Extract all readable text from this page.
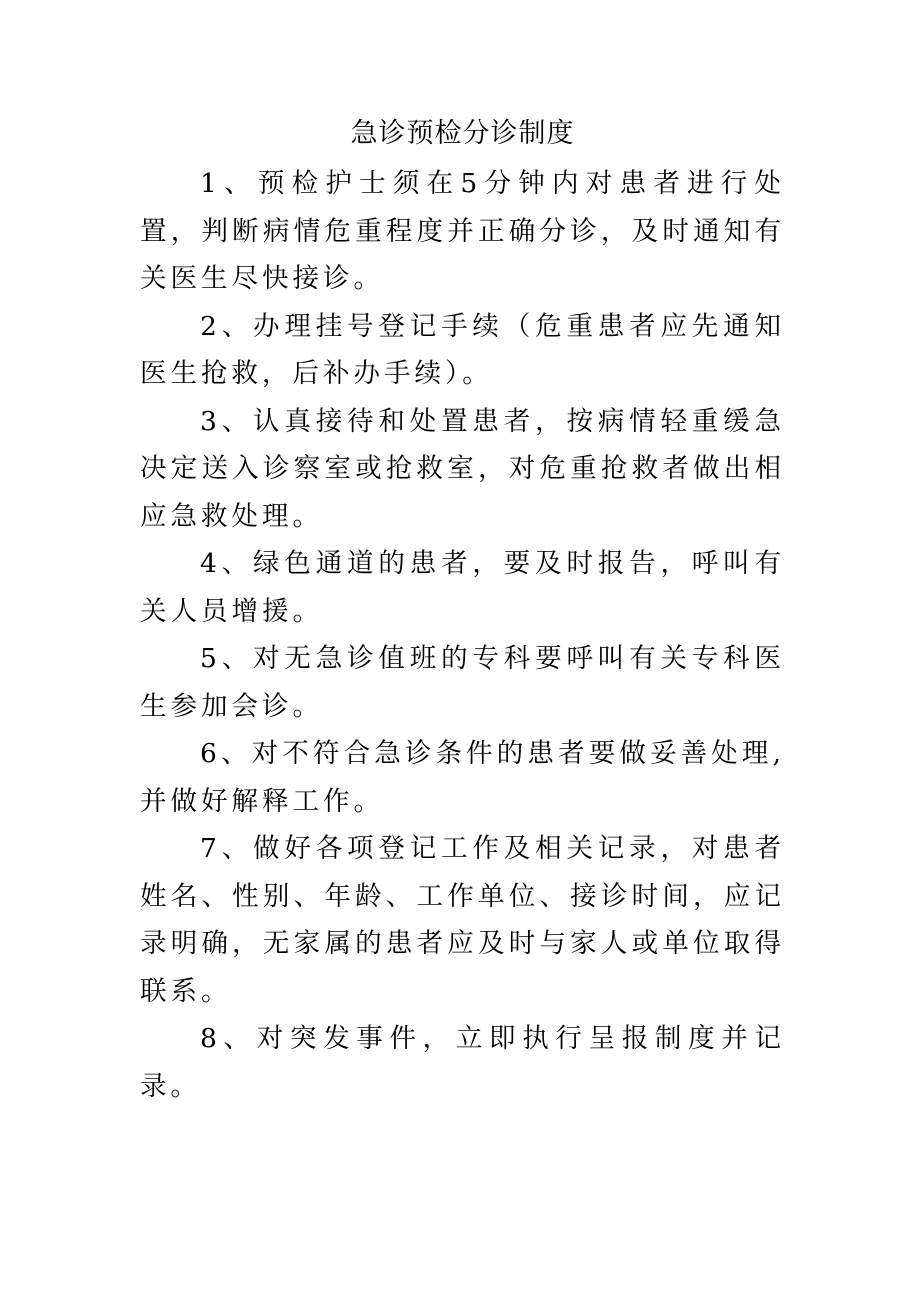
急诊预检分诊制度

1、预检护士须在5分钟内对患者进行处置，判断病情危重程度并正确分诊，及时通知有关医生尽快接诊。

2、办理挂号登记手续（危重患者应先通知医生抢救，后补办手续）。

3、认真接待和处置患者，按病情轻重缓急决定送入诊察室或抢救室，对危重抢救者做出相应急救处理。

4、绿色通道的患者，要及时报告，呼叫有关人员增援。

5、对无急诊值班的专科要呼叫有关专科医生参加会诊。

6、对不符合急诊条件的患者要做妥善处理,并做好解释工作。

7、做好各项登记工作及相关记录，对患者姓名、性别、年龄、工作单位、接诊时间，应记录明确，无家属的患者应及时与家人或单位取得联系。

8、对突发事件，立即执行呈报制度并记录。
